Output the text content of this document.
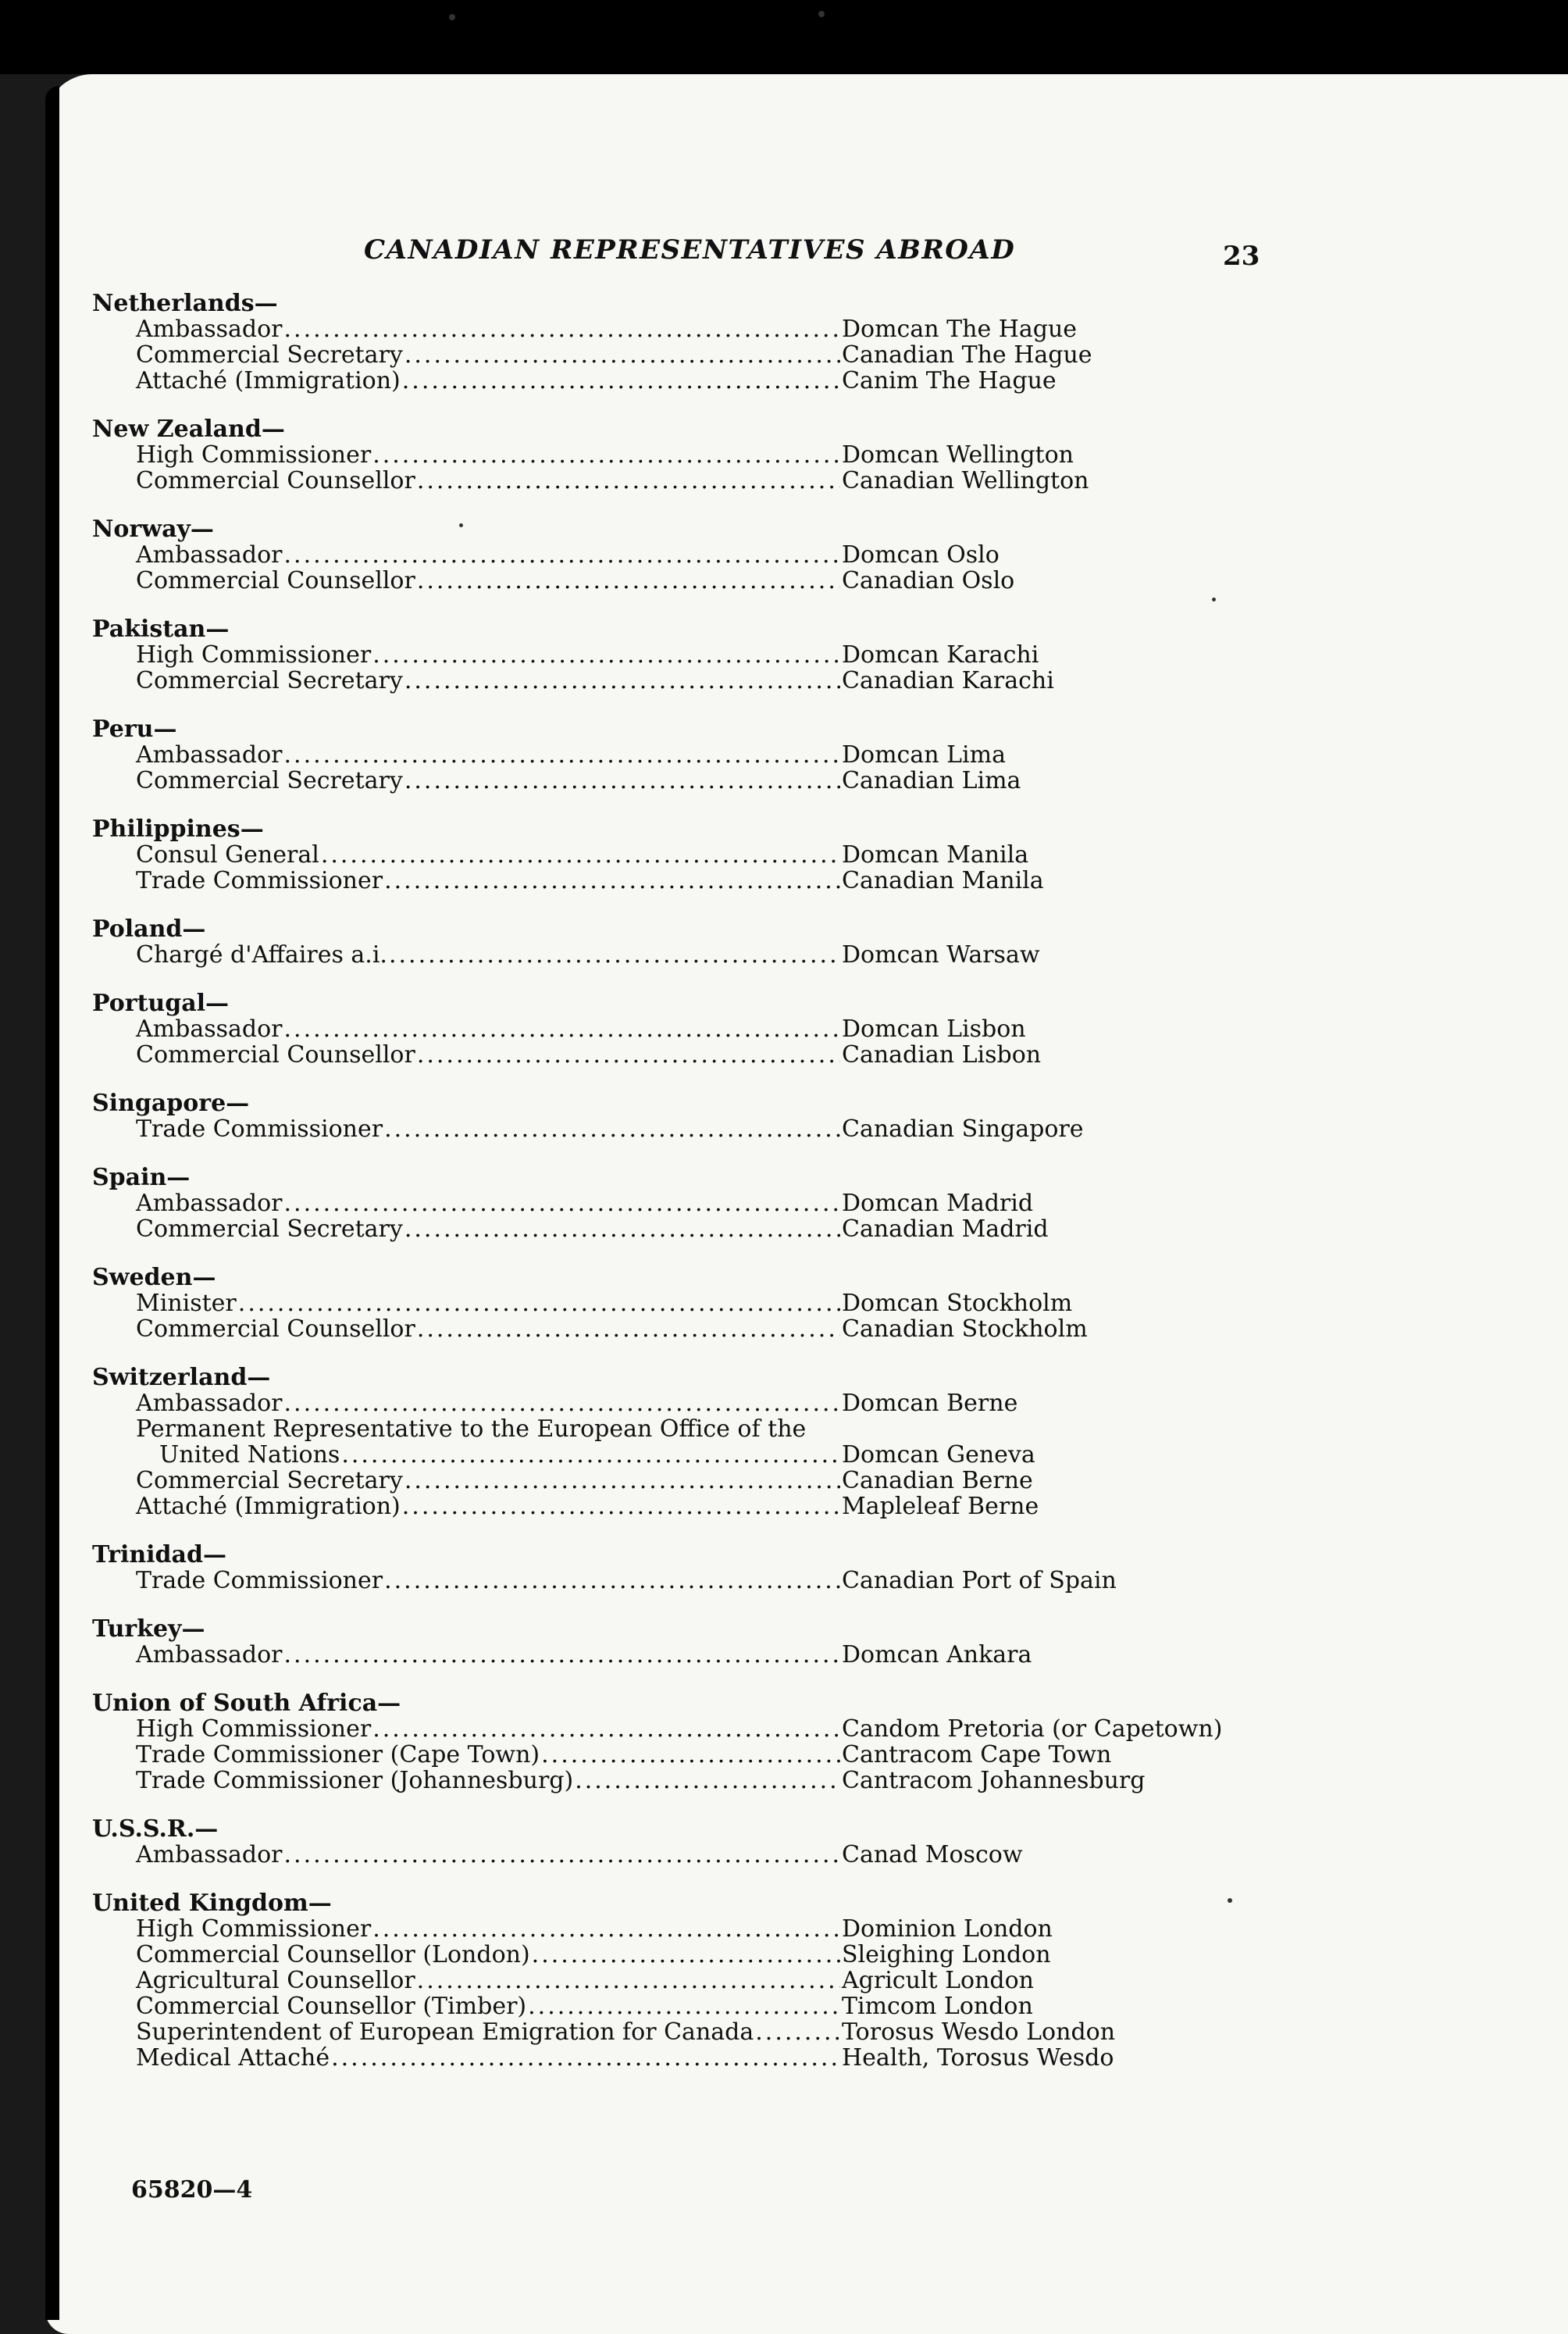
CANADIAN REPRESENTATIVES ABROAD	23
Netherlands—
Ambassador .....	Domcan The Hague
Commercial Secretary .....	Canadian The Hague
Attaché (Immigration) .....	Canim The Hague
New Zealand—
High Commissioner .....	Domcan Wellington
Commercial Counsellor .....	Canadian Wellington
Norway—
Ambassador .....	Domcan Oslo
Commercial Counsellor .....	Canadian Oslo
Pakistan—
High Commissioner .....	Domcan Karachi
Commercial Secretary .....	Canadian Karachi
Peru—
Ambassador .....	Domcan Lima
Commercial Secretary .....	Canadian Lima
Philippines—
Consul General .....	Domcan Manila
Trade Commissioner .....	Canadian Manila
Poland—
Chargé d'Affaires a.i. .....	Domcan Warsaw
Portugal—
Ambassador .....	Domcan Lisbon
Commercial Counsellor .....	Canadian Lisbon
Singapore—
Trade Commissioner .....	Canadian Singapore
Spain—
Ambassador .....	Domcan Madrid
Commercial Secretary .....	Canadian Madrid
Sweden—
Minister .....	Domcan Stockholm
Commercial Counsellor .....	Canadian Stockholm
Switzerland—
Ambassador .....	Domcan Berne
Permanent Representative to the European Office of the
United Nations .....	Domcan Geneva
Commercial Secretary .....	Canadian Berne
Attaché (Immigration) .....	Mapleleaf Berne
Trinidad—
Trade Commissioner .....	Canadian Port of Spain
Turkey—
Ambassador .....	Domcan Ankara
Union of South Africa—
High Commissioner .....	Candom Pretoria (or Capetown)
Trade Commissioner (Cape Town) .....	Cantracom Cape Town
Trade Commissioner (Johannesburg) .....	Cantracom Johannesburg
U.S.S.R.—
Ambassador .....	Canad Moscow
United Kingdom—
High Commissioner .....	Dominion London
Commercial Counsellor (London) .....	Sleighing London
Agricultural Counsellor .....	Agricult London
Commercial Counsellor (Timber) .....	Timcom London
Superintendent of European Emigration for Canada .....	Torosus Wesdo London
Medical Attaché .....	Health, Torosus Wesdo
65820—4
